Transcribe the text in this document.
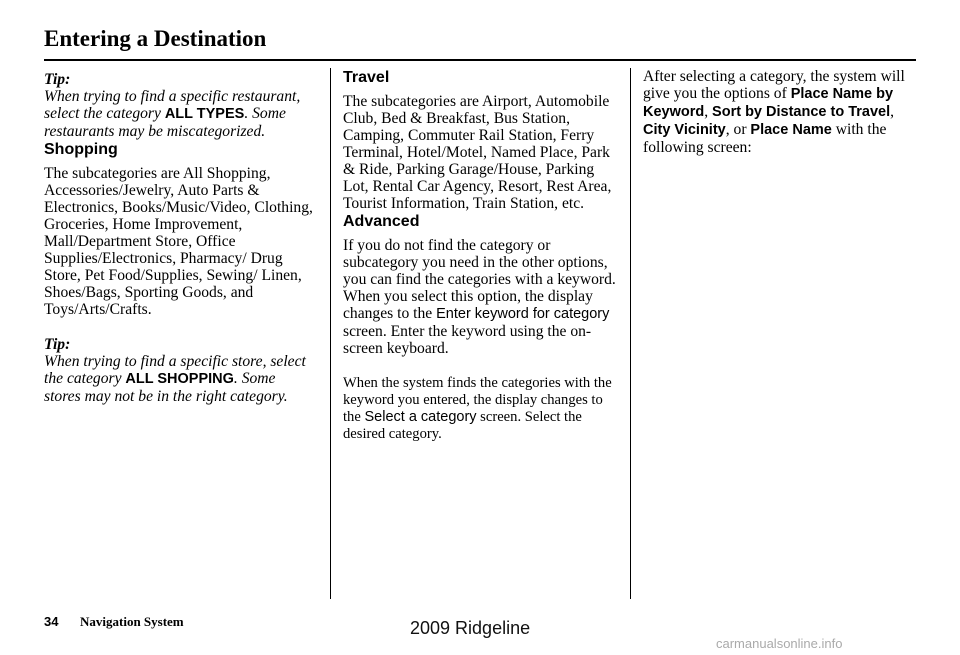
Entering a Destination

Tip:

When trying to find a specific restaurant, select the category ALL TYPES. Some restaurants may be miscategorized.

Shopping

The subcategories are All Shopping, Accessories/Jewelry, Auto Parts & Electronics, Books/Music/Video, Clothing, Groceries, Home Improvement, Mall/Department Store, Office Supplies/Electronics, Pharmacy/ Drug Store, Pet Food/Supplies, Sewing/ Linen, Shoes/Bags, Sporting Goods, and Toys/Arts/Crafts.

Tip:

When trying to find a specific store, select the category ALL SHOPPING. Some stores may not be in the right category.

Travel

The subcategories are Airport, Automobile Club, Bed & Breakfast, Bus Station, Camping, Commuter Rail Station, Ferry Terminal, Hotel/Motel, Named Place, Park & Ride, Parking Garage/House, Parking Lot, Rental Car Agency, Resort, Rest Area, Tourist Information, Train Station, etc.

Advanced

If you do not find the category or subcategory you need in the other options, you can find the categories with a keyword. When you select this option, the display changes to the Enter keyword for category screen. Enter the keyword using the on-screen keyboard.

When the system finds the categories with the keyword you entered, the display changes to the Select a category screen. Select the desired category.

After selecting a category, the system will give you the options of Place Name by Keyword, Sort by Distance to Travel, City Vicinity, or Place Name with the following screen:

34 Navigation System	2009 Ridgeline
carmanualsonline.info
